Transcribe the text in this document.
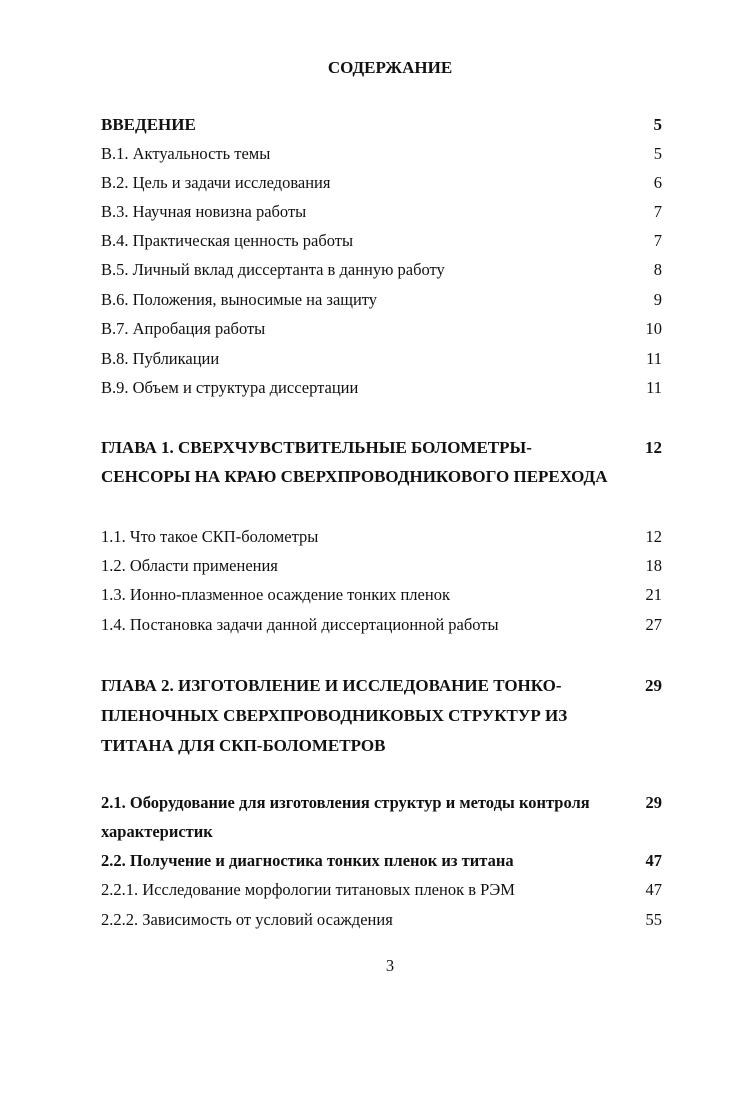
СОДЕРЖАНИЕ
ВВЕДЕНИЕ	5
В.1. Актуальность темы	5
В.2. Цель и задачи исследования	6
В.3. Научная новизна работы	7
В.4. Практическая ценность работы	7
В.5. Личный вклад диссертанта в данную работу	8
В.6. Положения, выносимые на защиту	9
В.7. Апробация работы	10
В.8. Публикации	11
В.9. Объем и структура диссертации	11
ГЛАВА 1. СВЕРХЧУВСТВИТЕЛЬНЫЕ БОЛОМЕТРЫ-	12
СЕНСОРЫ НА КРАЮ СВЕРХПРОВОДНИКОВОГО ПЕРЕХОДА
1.1. Что такое СКП-болометры	12
1.2. Области применения	18
1.3. Ионно-плазменное осаждение тонких пленок	21
1.4. Постановка задачи данной диссертационной работы	27
ГЛАВА 2. ИЗГОТОВЛЕНИЕ И ИССЛЕДОВАНИЕ ТОНКО-	29
ПЛЕНОЧНЫХ СВЕРХПРОВОДНИКОВЫХ СТРУКТУР ИЗ
ТИТАНА ДЛЯ СКП-БОЛОМЕТРОВ
2.1. Оборудование для изготовления структур и методы контроля	29
характеристик
2.2. Получение и диагностика тонких пленок из титана	47
2.2.1. Исследование морфологии титановых пленок в РЭМ	47
2.2.2. Зависимость от условий осаждения	55
3
